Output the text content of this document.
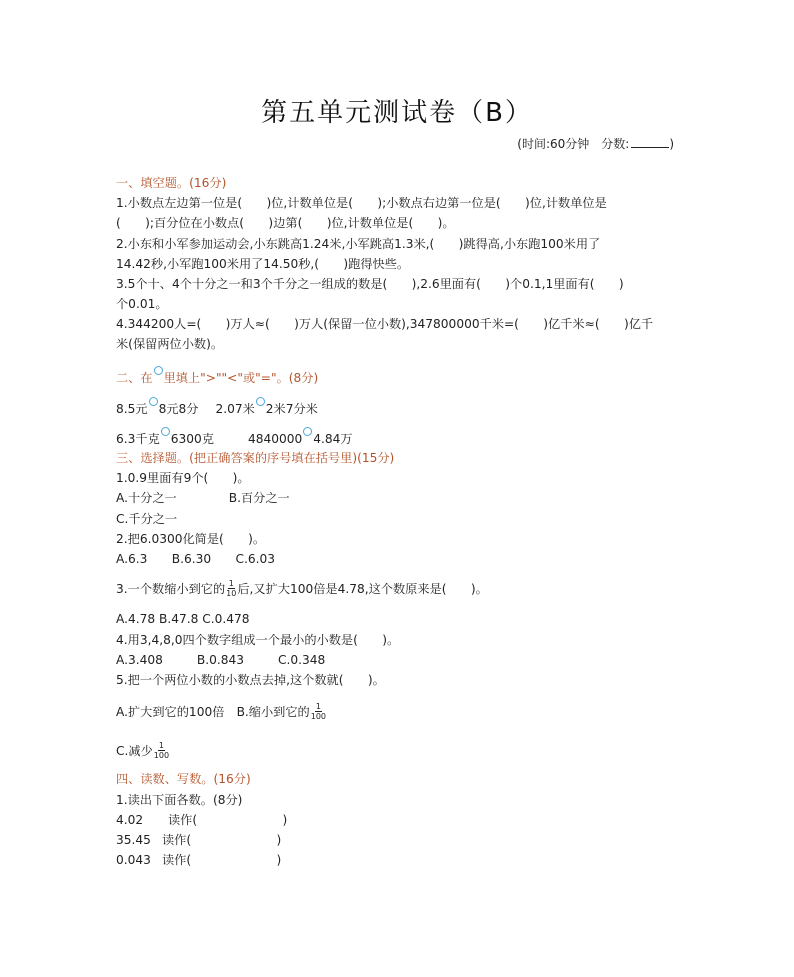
第五单元测试卷（B）
(时间:60分钟　分数:	)
一、填空题。(16分)
1.小数点左边第一位是(　　)位,计数单位是(　　);小数点右边第一位是(　　)位,计数单位是
(　　);百分位在小数点(　　)边第(　　)位,计数单位是(　　)。
2.小东和小军参加运动会,小东跳高1.24米,小军跳高1.3米,(　　)跳得高,小东跑100米用了
14.42秒,小军跑100米用了14.50秒,(　　)跑得快些。
3.5个十、4个十分之一和3个千分之一组成的数是(　　),2.6里面有(　　)个0.1,1里面有(　　)
个0.01。
4.344200人=(　　)万人≈(　　)万人(保留一位小数),347800000千米=(　　)亿千米≈(　　)亿千
米(保留两位小数)。
二、在 里填上">""<"或"="。(8分)
8.5元 8元8分 2.07米 2米7分米
6.3千克 6300克	4840000 4.84万
三、选择题。(把正确答案的序号填在括号里)(15分)
1.0.9里面有9个(　　)。
A.十分之一	B.百分之一
C.千分之一
2.把6.0300化简是(　　)。
A.6.3　　B.6.30　　C.6.03
3.一个数缩小到它的 $\frac{1}{10}$ 后,又扩大100倍是4.78,这个数原来是(　　)。
A.4.78 B.47.8 C.0.478
4.用3,4,8,0四个数字组成一个最小的小数是(　　)。
A.3.408	B.0.843	C.0.348
5.把一个两位小数的小数点去掉,这个数就(　　)。
A.扩大到它的100倍　B.缩小到它的 $\frac{1}{100}$
C.减少 $\frac{1}{100}$
四、读数、写数。(16分)
1.读出下面各数。(8分)
4.02 读作(　　　　　　　)
35.45 读作(　　　　　　　)
0.043 读作(　　　　　　　)
